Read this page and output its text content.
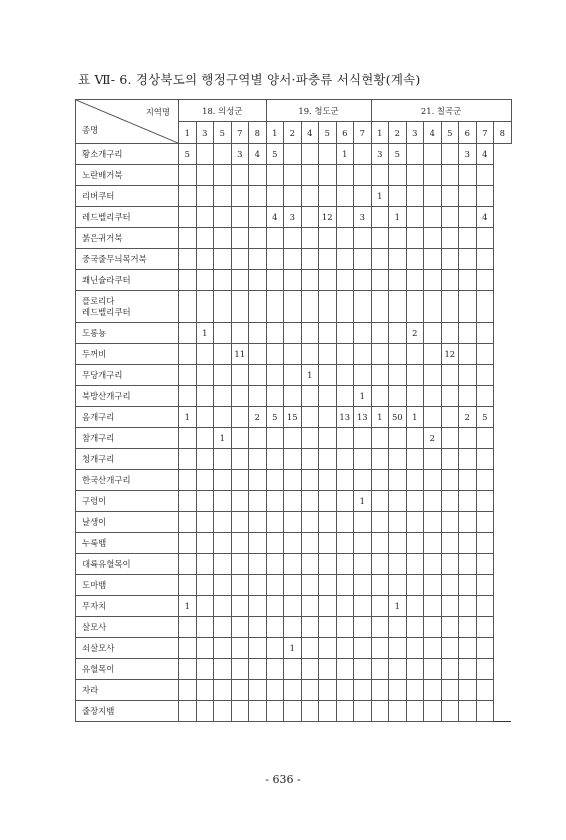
표 Ⅶ- 6. 경상북도의 행정구역별 양서·파충류 서식현황(계속)
지역명
종명	18. 의성군					19. 청도군						21. 칠곡군							
	1	3	5	7	8	1	2	4	5	6	7	1	2	3	4	5	6	7	8
황소개구리	5			3	4	5				1		3	5				3	4	
노란배거북																			
리버쿠터												1							
레드벨리쿠터						4	3		12		3		1					4	
붉은귀거북																			
중국줄무늬목거북																			
쾌닌슐라쿠터																			
플로리다
레드벨리쿠터																			
도롱뇽		1												2					
두꺼비				11												12			
무당개구리								1											
북방산개구리											1								
옴개구리	1				2	5	15			13	13	1	50	1			2	5	
참개구리			1												2				
청개구리																			
한국산개구리																			
구렁이											1								
날생이																			
누룩뱀																			
대륙유혈목이																			
도마뱀																			
무자치	1												1						
살모사																			
쇠살모사							1												
유혈목이																			
자라																			
줄장지뱀																			
- 636 -
